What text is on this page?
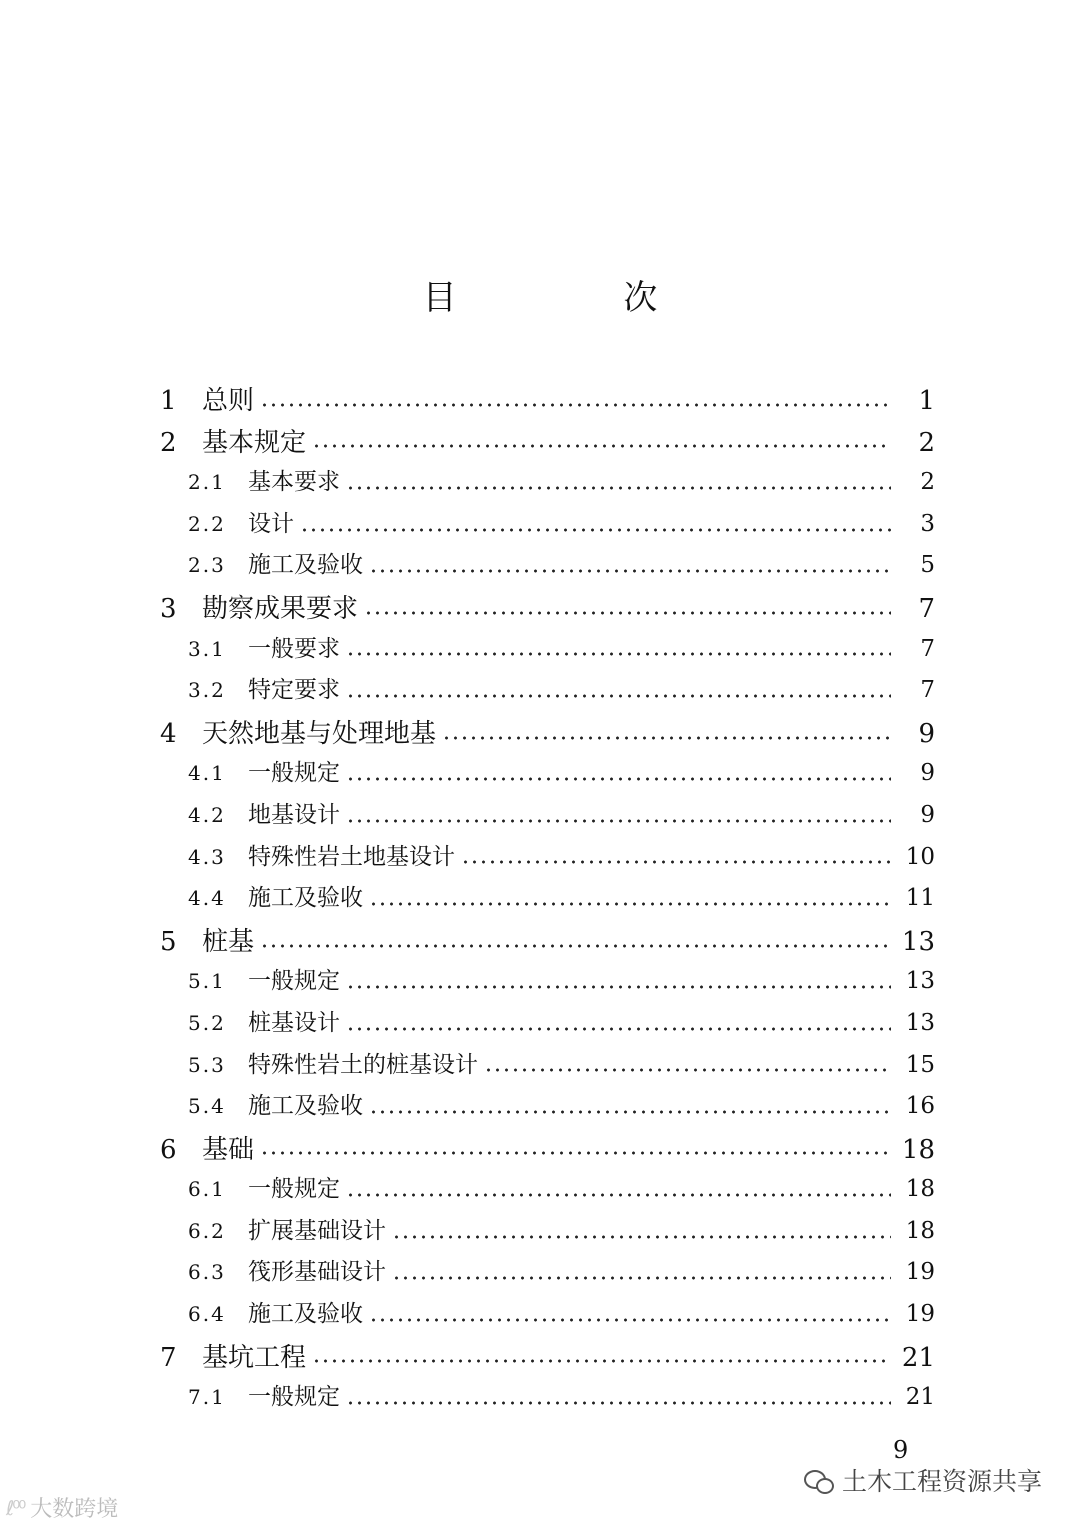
目 次
1 总则	1
2 基本规定	2
2.1 基本要求	2
2.2 设计	3
2.3 施工及验收	5
3 勘察成果要求	7
3.1 一般要求	7
3.2 特定要求	7
4 天然地基与处理地基	9
4.1 一般规定	9
4.2 地基设计	9
4.3 特殊性岩土地基设计	10
4.4 施工及验收	11
5 桩基	13
5.1 一般规定	13
5.2 桩基设计	13
5.3 特殊性岩土的桩基设计	15
5.4 施工及验收	16
6 基础	18
6.1 一般规定	18
6.2 扩展基础设计	18
6.3 筏形基础设计	19
6.4 施工及验收	19
7 基坑工程	21
7.1 一般规定	21
9
土木工程资源共享
ℓ⁰⁰ 大数跨境
